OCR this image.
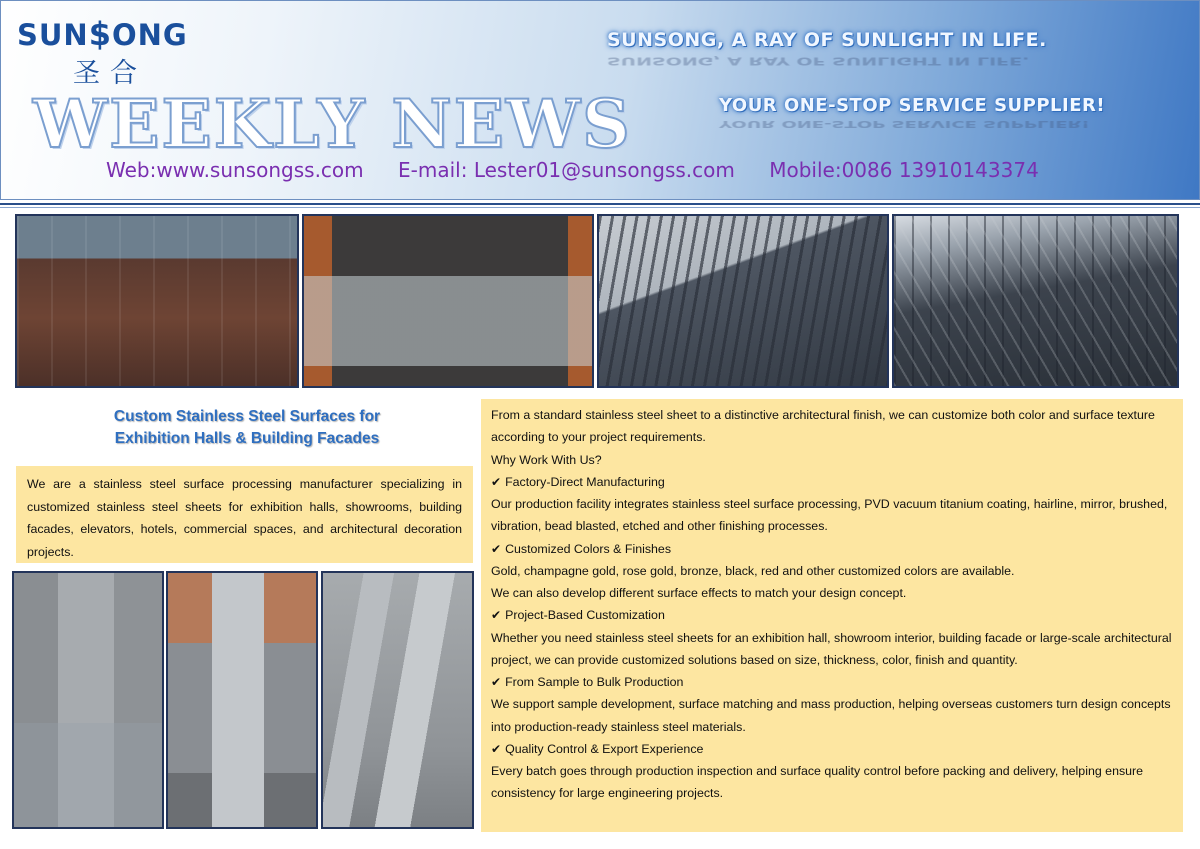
SUN$ONG
圣合
WEEKLY NEWS
Web:www.sunsongss.com E-mail: Lester01@sunsongss.com Mobile:0086 13910143374
SUNSONG, A RAY OF SUNLIGHT IN LIFE.
SUNSONG, A RAY OF SUNLIGHT IN LIFE.
YOUR ONE-STOP SERVICE SUPPLIER!
YOUR ONE-STOP SERVICE SUPPLIER!
Custom Stainless Steel Surfaces for
Exhibition Halls & Building Facades

We are a stainless steel surface processing manufacturer specializing in customized stainless steel sheets for exhibition halls, showrooms, building facades, elevators, hotels, commercial spaces, and architectural decoration projects.

From a standard stainless steel sheet to a distinctive architectural finish, we can customize both color and surface texture according to your project requirements.

Why Work With Us?

✔ Factory-Direct Manufacturing

Our production facility integrates stainless steel surface processing, PVD vacuum titanium coating, hairline, mirror, brushed, vibration, bead blasted, etched and other finishing processes.

✔ Customized Colors & Finishes

Gold, champagne gold, rose gold, bronze, black, red and other customized colors are available.

We can also develop different surface effects to match your design concept.

✔ Project-Based Customization

Whether you need stainless steel sheets for an exhibition hall, showroom interior, building facade or large-scale architectural project, we can provide customized solutions based on size, thickness, color, finish and quantity.

✔ From Sample to Bulk Production

We support sample development, surface matching and mass production, helping overseas customers turn design concepts into production-ready stainless steel materials.

✔ Quality Control & Export Experience

Every batch goes through production inspection and surface quality control before packing and delivery, helping ensure consistency for large engineering projects.
